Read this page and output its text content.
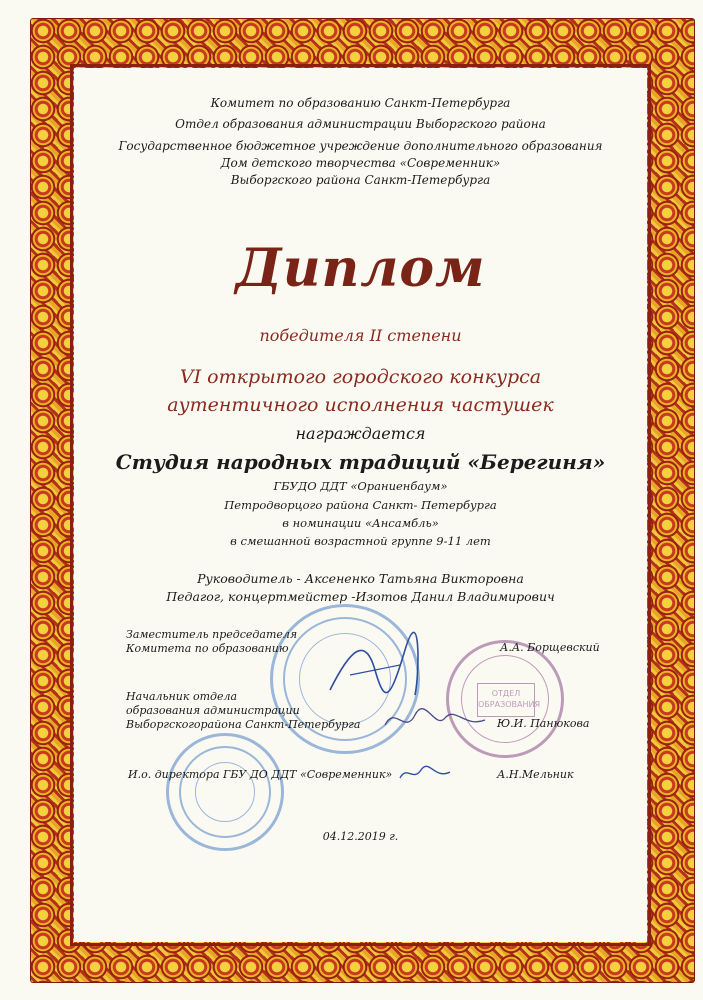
Комитет по образованию Санкт-Петербурга
Отдел образования администрации Выборгского района
Государственное бюджетное учреждение дополнительного образования
Дом детского творчества «Современник»
Выборгского района Санкт-Петербурга
Диплом
победителя II степени
VI открытого городского конкурса
аутентичного исполнения частушек
награждается
Студия народных традиций «Берегиня»
ГБУДО ДДТ «Ораниенбаум»
Петродворцого района Санкт- Петербурга
в номинации «Ансамбль»
в смешанной возрастной группе 9-11 лет
Руководитель - Аксененко Татьяна Викторовна
Педагог, концертмейстер -Изотов Данил Владимирович
ОТДЕЛ ОБРАЗОВАНИЯ
Заместитель председателя
Комитета по образованию	А.А. Борщевский
Начальник отдела
образования администрации
Выборгскогорайона Санкт-Петербурга	Ю.И. Панюкова
И.о. директора ГБУ ДО ДДТ «Современник»	А.Н.Мельник
04.12.2019 г.
